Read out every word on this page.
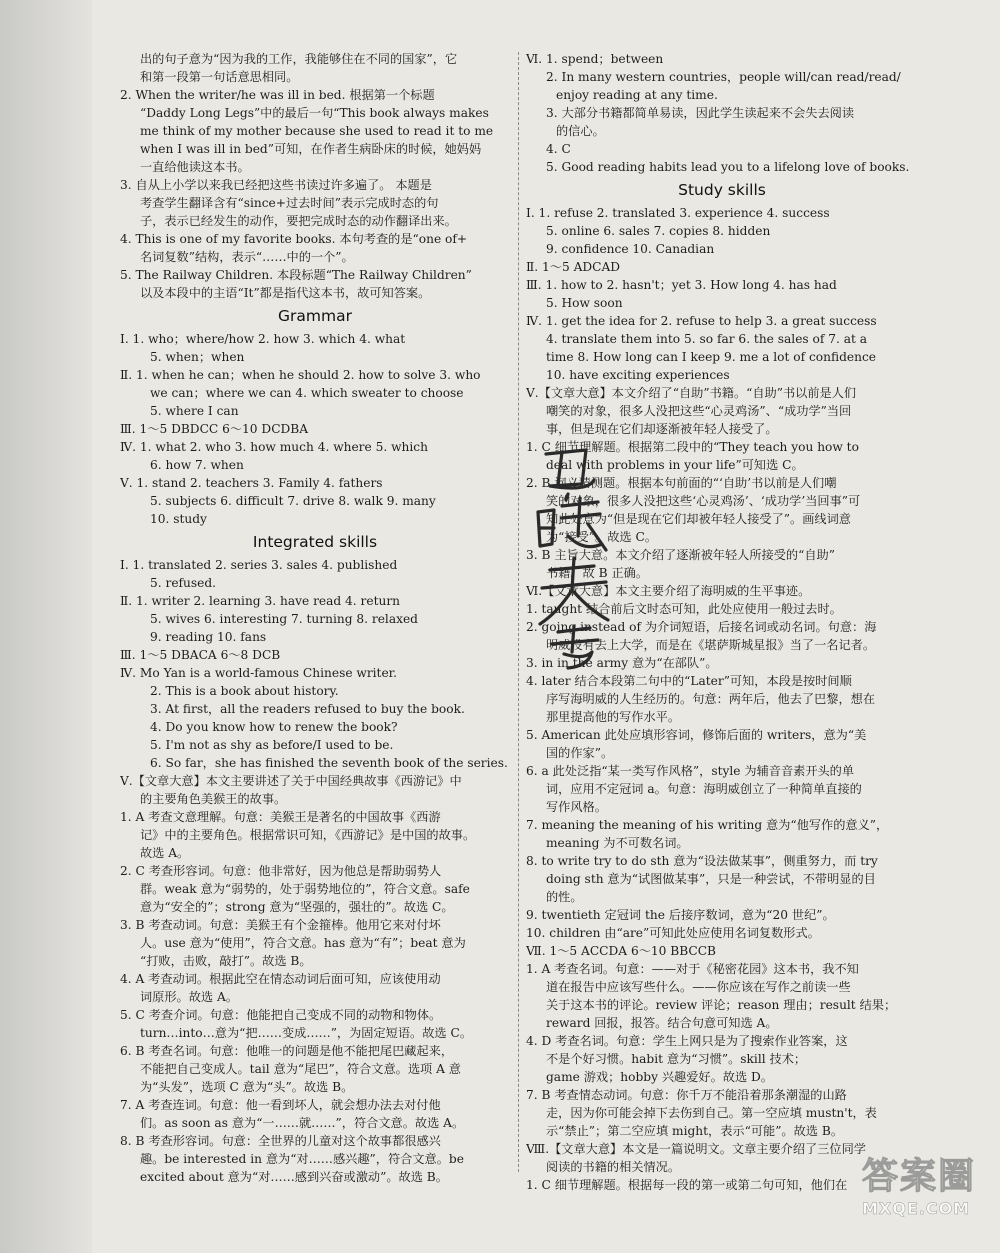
出的句子意为“因为我的工作，我能够住在不同的国家”，它
和第一段第一句话意思相同。
2. When the writer/he was ill in bed. 根据第一个标题
“Daddy Long Legs”中的最后一句“This book always makes
me think of my mother because she used to read it to me
when I was ill in bed”可知，在作者生病卧床的时候，她妈妈
一直给他读这本书。
3. 自从上小学以来我已经把这些书读过许多遍了。 本题是
考查学生翻译含有“since+过去时间”表示完成时态的句
子，表示已经发生的动作，要把完成时态的动作翻译出来。
4. This is one of my favorite books. 本句考查的是“one of+
名词复数”结构，表示“……中的一个”。
5. The Railway Children. 本段标题“The Railway Children”
以及本段中的主语“It”都是指代这本书，故可知答案。
Grammar
Ⅰ. 1. who；where/how 2. how 3. which 4. what
5. when；when
Ⅱ. 1. when he can；when he should 2. how to solve 3. who
we can；where we can 4. which sweater to choose
5. where I can
Ⅲ. 1～5 DBDCC 6～10 DCDBA
Ⅳ. 1. what 2. who 3. how much 4. where 5. which
6. how 7. when
Ⅴ. 1. stand 2. teachers 3. Family 4. fathers
5. subjects 6. difficult 7. drive 8. walk 9. many
10. study
Integrated skills
Ⅰ. 1. translated 2. series 3. sales 4. published
5. refused.
Ⅱ. 1. writer 2. learning 3. have read 4. return
5. wives 6. interesting 7. turning 8. relaxed
9. reading 10. fans
Ⅲ. 1～5 DBACA 6～8 DCB
Ⅳ. Mo Yan is a world-famous Chinese writer.
2. This is a book about history.
3. At first，all the readers refused to buy the book.
4. Do you know how to renew the book?
5. I'm not as shy as before/I used to be.
6. So far，she has finished the seventh book of the series.
Ⅴ.【文章大意】本文主要讲述了关于中国经典故事《西游记》中
的主要角色美猴王的故事。
1. A 考查文意理解。句意：美猴王是著名的中国故事《西游
记》中的主要角色。根据常识可知，《西游记》是中国的故事。
故选 A。
2. C 考查形容词。句意：他非常好，因为他总是帮助弱势人
群。weak 意为“弱势的，处于弱势地位的”，符合文意。safe
意为“安全的”；strong 意为“坚强的，强壮的”。故选 C。
3. B 考查动词。句意：美猴王有个金箍棒。他用它来对付坏
人。use 意为“使用”，符合文意。has 意为“有”；beat 意为
“打败，击败，敲打”。故选 B。
4. A 考查动词。根据此空在情态动词后面可知，应该使用动
词原形。故选 A。
5. C 考查介词。句意：他能把自己变成不同的动物和物体。
turn…into…意为“把……变成……”，为固定短语。故选 C。
6. B 考查名词。句意：他唯一的问题是他不能把尾巴藏起来，
不能把自己变成人。tail 意为“尾巴”，符合文意。选项 A 意
为“头发”，选项 C 意为“头”。故选 B。
7. A 考查连词。句意：他一看到坏人，就会想办法去对付他
们。as soon as 意为“一……就……”，符合文意。故选 A。
8. B 考查形容词。句意：全世界的儿童对这个故事都很感兴
趣。be interested in 意为“对……感兴趣”，符合文意。be
excited about 意为“对……感到兴奋或激动”。故选 B。
Ⅵ. 1. spend；between
2. In many western countries，people will/can read/read/
enjoy reading at any time.
3. 大部分书籍都简单易读，因此学生读起来不会失去阅读
的信心。
4. C
5. Good reading habits lead you to a lifelong love of books.
Study skills
Ⅰ. 1. refuse 2. translated 3. experience 4. success
5. online 6. sales 7. copies 8. hidden
9. confidence 10. Canadian
Ⅱ. 1～5 ADCAD
Ⅲ. 1. how to 2. hasn't；yet 3. How long 4. has had
5. How soon
Ⅳ. 1. get the idea for 2. refuse to help 3. a great success
4. translate them into 5. so far 6. the sales of 7. at a
time 8. How long can I keep 9. me a lot of confidence
10. have exciting experiences
Ⅴ.【文章大意】本文介绍了“自助”书籍。“自助”书以前是人们
嘲笑的对象，很多人没把这些“心灵鸡汤”、“成功学”当回
事，但是现在它们却逐渐被年轻人接受了。
1. C 细节理解题。根据第二段中的“They teach you how to
deal with problems in your life”可知选 C。
2. B 词义猜测题。根据本句前面的“‘自助’书以前是人们嘲
笑的对象，很多人没把这些‘心灵鸡汤’、‘成功学’当回事”可
知此处意为“但是现在它们却被年轻人接受了”。画线词意
为“接受”。故选 C。
3. B 主旨大意。本文介绍了逐渐被年轻人所接受的“自助”
书籍。故 B 正确。
Ⅵ.【文章大意】本文主要介绍了海明威的生平事迹。
1. taught 结合前后文时态可知，此处应使用一般过去时。
2. going instead of 为介词短语，后接名词或动名词。句意：海
明威没有去上大学，而是在《堪萨斯城星报》当了一名记者。
3. in in the army 意为“在部队”。
4. later 结合本段第二句中的“Later”可知，本段是按时间顺
序写海明威的人生经历的。句意：两年后，他去了巴黎，想在
那里提高他的写作水平。
5. American 此处应填形容词，修饰后面的 writers，意为“美
国的作家”。
6. a 此处泛指“某一类写作风格”，style 为辅音音素开头的单
词，应用不定冠词 a。句意：海明威创立了一种简单直接的
写作风格。
7. meaning the meaning of his writing 意为“他写作的意义”，
meaning 为不可数名词。
8. to write try to do sth 意为“设法做某事”，侧重努力，而 try
doing sth 意为“试图做某事”，只是一种尝试，不带明显的目
的性。
9. twentieth 定冠词 the 后接序数词，意为“20 世纪”。
10. children 由“are”可知此处应使用名词复数形式。
Ⅶ. 1～5 ACCDA 6～10 BBCCB
1. A 考查名词。句意：——对于《秘密花园》这本书，我不知
道在报告中应该写些什么。——你应该在写作之前读一些
关于这本书的评论。review 评论；reason 理由；result 结果；
reward 回报，报答。结合句意可知选 A。
4. D 考查名词。句意：学生上网只是为了搜索作业答案，这
不是个好习惯。habit 意为“习惯”。skill 技术；
game 游戏；hobby 兴趣爱好。故选 D。
7. B 考查情态动词。句意：你千万不能沿着那条潮湿的山路
走，因为你可能会掉下去伤到自己。第一空应填 mustn't，表
示“禁止”；第二空应填 might，表示“可能”。故选 B。
Ⅷ.【文章大意】本文是一篇说明文。文章主要介绍了三位同学
阅读的书籍的相关情况。
1. C 细节理解题。根据每一段的第一或第二句可知，他们在 答案圈
MXQE.COM
